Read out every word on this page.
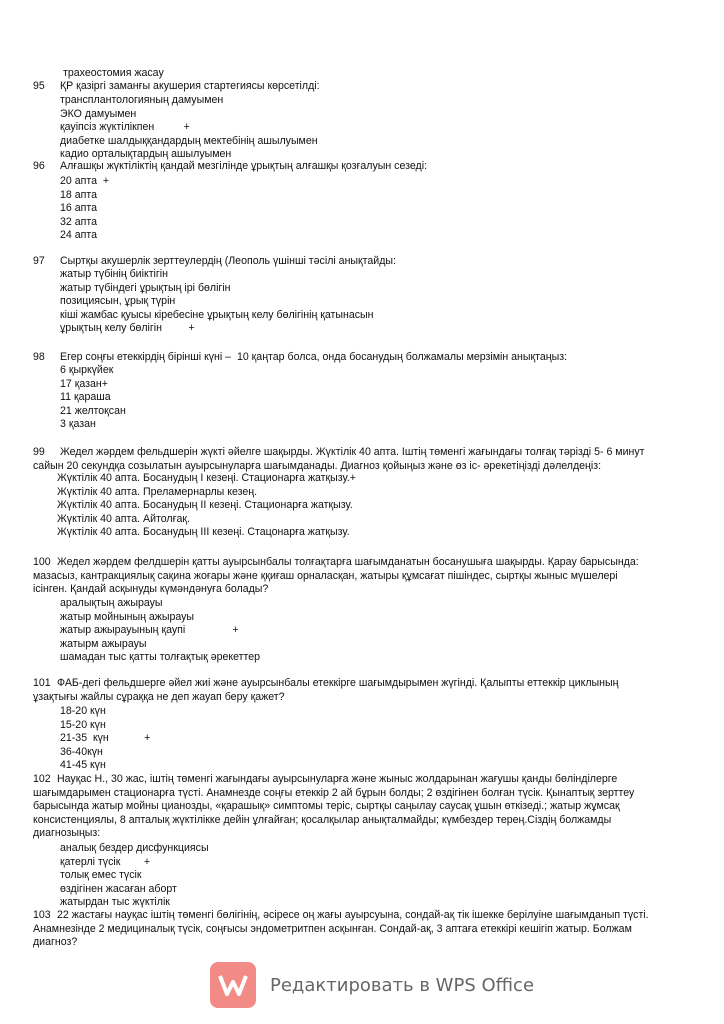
трахеостомия жасау
95 ҚР қазіргі заманғы акушерия стартегиясы көрсетілді:
трансплантологияның дамуымен
ЭКО дамуымен
қауіпсіз жүктілікпен          +
диабетке шалдыққандардың мектебінің ашылуымен
кадио орталықтардың ашылуымен
96 Алғашқы жүктіліктің қандай мезгілінде ұрықтың алғашқы қозғалуын сезеді:
20 апта  +
18 апта
16 апта
32 апта
24 апта
97 Сыртқы акушерлік зерттеулердің (Леополь үшінші тәсілі анықтайды:
жатыр түбінің биіктігін
жатыр түбіндегі ұрықтың ірі бөлігін
позициясын, ұрық түрін
кіші жамбас қуысы кіребесіне ұрықтың келу бөлігінің қатынасын
ұрықтың келу бөлігін         +
98 Егер соңғы етеккірдің бірінші күні –  10 қаңтар болса, онда босанудың болжамалы мерзімін анықтаңыз:
6 қыркүйек
17 қазан+
11 қараша
21 желтоқсан
3 қазан
99 Жедел жәрдем фельдшерін жүкті әйелге шақырды. Жүктілік 40 апта. Іштің төменгі жағындағы толғақ тәрізді 5- 6 минут
сайын 20 секундқа созылатын ауырсынуларға шағымданады. Диагноз қойыңыз және өз іс- әрекетіңізді дәлелдеңіз:
Жүктілік 40 апта. Босанудың І кезеңі. Стационарға жатқызу.+
Жүктілік 40 апта. Преламернарлы кезең.
Жүктілік 40 апта. Босанудың ІІ кезеңі. Стационарға жатқызу.
Жүктілік 40 апта. Айтолғақ.
Жүктілік 40 апта. Босанудың ІІІ кезеңі. Стацонарға жатқызу.
100 Жедел жәрдем фелдшерін қатты ауырсынбалы толғақтарға шағымданатын босанушыға шақырды. Қарау барысында:
мазасыз, кантракциялық сақина жоғары және ққиғаш орналасқан, жатыры құмсағат пішіндес, сыртқы жыныс мүшелері
ісінген. Қандай асқынуды күмәндәнуға болады?
аралықтың ажырауы
жатыр мойнының ажырауы
жатыр ажырауының қаупі                +
жатырм ажырауы
шамадан тыс қатты толғақтық әрекеттер
101 ФАБ-дегі фельдшерге әйел жиі және ауырсынбалы етеккірге шағымдырымен жүгінді. Қалыпты еттеккір циклының
ұзақтығы жайлы сұраққа не деп жауап беру қажет?
18-20 күн
15-20 күн
21-35  күн            +
36-40күн
41-45 күн
102 Науқас Н., 30 жас, іштің төменгі жағындағы ауырсынуларға және жыныс жолдарынан жағушы қанды бөлінділерге
шағымдарымен стационарға түсті. Анамнезде соңғы етеккір 2 ай бұрын болды; 2 өздігінен болған түсік. Қынаптық зерттеу
барысында жатыр мойны цианозды, «қарашық» симптомы теріс, сыртқы саңылау саусақ ұшын өткізеді.; жатыр жұмсақ
консистенциялы, 8 апталық жүктілікке дейін ұлғайған; қосалқылар анықталмайды; күмбездер терең.Сіздің болжамды
диагнозыңыз:
аналық бездер дисфункциясы
қатерлі түсік        +
толық емес түсік
өздігінен жасаған аборт
жатырдан тыс жүктілік
103 22 жастағы науқас іштің төменгі бөлігінің, әсіресе оң жағы ауырсуына, сондай-ақ тік ішекке берілуіне шағымданып түсті.
Анамнезінде 2 медициналық түсік, соңғысы эндометритпен асқынған. Сондай-ақ, 3 аптаға етеккірі кешігіп жатыр. Болжам
диагноз?
Редактировать в WPS Office
